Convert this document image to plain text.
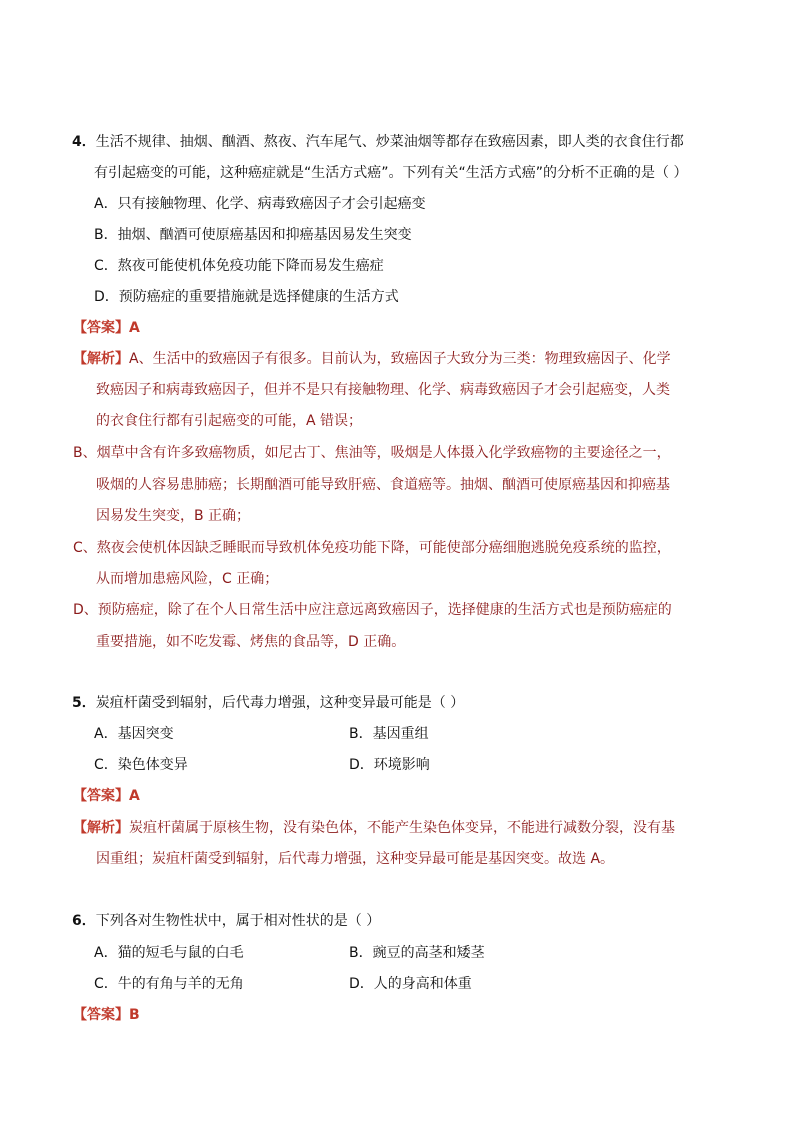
4．生活不规律、抽烟、酗酒、熬夜、汽车尾气、炒菜油烟等都存在致癌因素，即人类的衣食住行都
有引起癌变的可能，这种癌症就是“生活方式癌”。下列有关“生活方式癌”的分析不正确的是（ ）
A．只有接触物理、化学、病毒致癌因子才会引起癌变
B．抽烟、酗酒可使原癌基因和抑癌基因易发生突变
C．熬夜可能使机体免疫功能下降而易发生癌症
D．预防癌症的重要措施就是选择健康的生活方式
【答案】A
【解析】A、生活中的致癌因子有很多。目前认为，致癌因子大致分为三类：物理致癌因子、化学
致癌因子和病毒致癌因子，但并不是只有接触物理、化学、病毒致癌因子才会引起癌变，人类
的衣食住行都有引起癌变的可能，A 错误；
B、烟草中含有许多致癌物质，如尼古丁、焦油等，吸烟是人体摄入化学致癌物的主要途径之一，
吸烟的人容易患肺癌；长期酗酒可能导致肝癌、食道癌等。抽烟、酗酒可使原癌基因和抑癌基
因易发生突变，B 正确；
C、熬夜会使机体因缺乏睡眠而导致机体免疫功能下降，可能使部分癌细胞逃脱免疫系统的监控，
从而增加患癌风险，C 正确；
D、预防癌症，除了在个人日常生活中应注意远离致癌因子，选择健康的生活方式也是预防癌症的
重要措施，如不吃发霉、烤焦的食品等，D 正确。
5．炭疽杆菌受到辐射，后代毒力增强，这种变异最可能是（ ）
A．基因突变	B．基因重组
C．染色体变异	D．环境影响
【答案】A
【解析】炭疽杆菌属于原核生物，没有染色体，不能产生染色体变异，不能进行减数分裂，没有基
因重组；炭疽杆菌受到辐射，后代毒力增强，这种变异最可能是基因突变。故选 A。
6．下列各对生物性状中，属于相对性状的是（ ）
A．猫的短毛与鼠的白毛	B．豌豆的高茎和矮茎
C．牛的有角与羊的无角	D．人的身高和体重
【答案】B
